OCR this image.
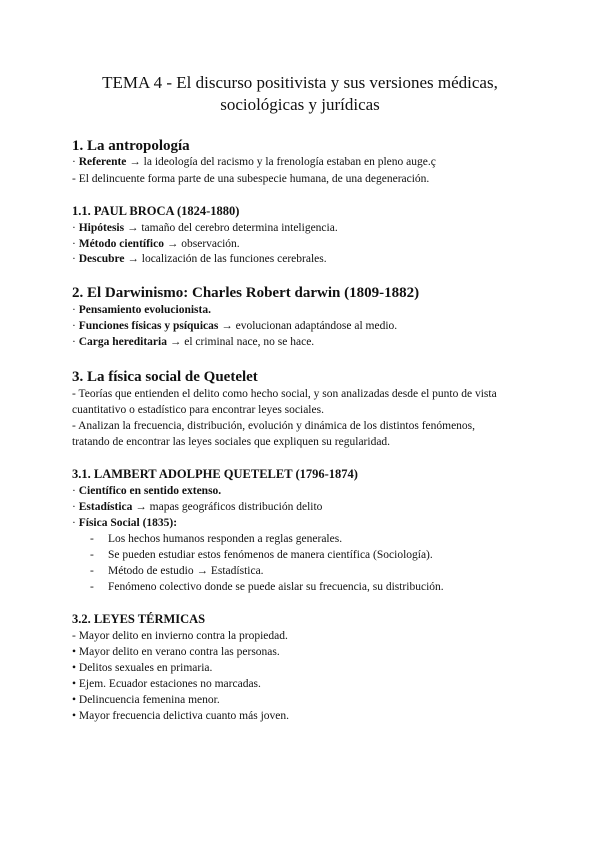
TEMA 4 - El discurso positivista y sus versiones médicas,
sociológicas y jurídicas
1. La antropología
· Referente → la ideología del racismo y la frenología estaban en pleno auge.ç
- El delincuente forma parte de una subespecie humana, de una degeneración.
1.1. PAUL BROCA (1824-1880)
· Hipótesis → tamaño del cerebro determina inteligencia.
· Método científico → observación.
· Descubre → localización de las funciones cerebrales.
2. El Darwinismo: Charles Robert darwin (1809-1882)
· Pensamiento evolucionista.
· Funciones físicas y psíquicas → evolucionan adaptándose al medio.
· Carga hereditaria → el criminal nace, no se hace.
3. La física social de Quetelet
- Teorías que entienden el delito como hecho social, y son analizadas desde el punto de vista
cuantitativo o estadístico para encontrar leyes sociales.
- Analizan la frecuencia, distribución, evolución y dinámica de los distintos fenómenos,
tratando de encontrar las leyes sociales que expliquen su regularidad.
3.1. LAMBERT ADOLPHE QUETELET (1796-1874)
· Científico en sentido extenso.
· Estadística → mapas geográficos distribución delito
· Física Social (1835):
- Los hechos humanos responden a reglas generales.
- Se pueden estudiar estos fenómenos de manera científica (Sociología).
- Método de estudio → Estadística.
- Fenómeno colectivo donde se puede aislar su frecuencia, su distribución.
3.2. LEYES TÉRMICAS
- Mayor delito en invierno contra la propiedad.
• Mayor delito en verano contra las personas.
• Delitos sexuales en primaria.
• Ejem. Ecuador estaciones no marcadas.
• Delincuencia femenina menor.
• Mayor frecuencia delictiva cuanto más joven.
